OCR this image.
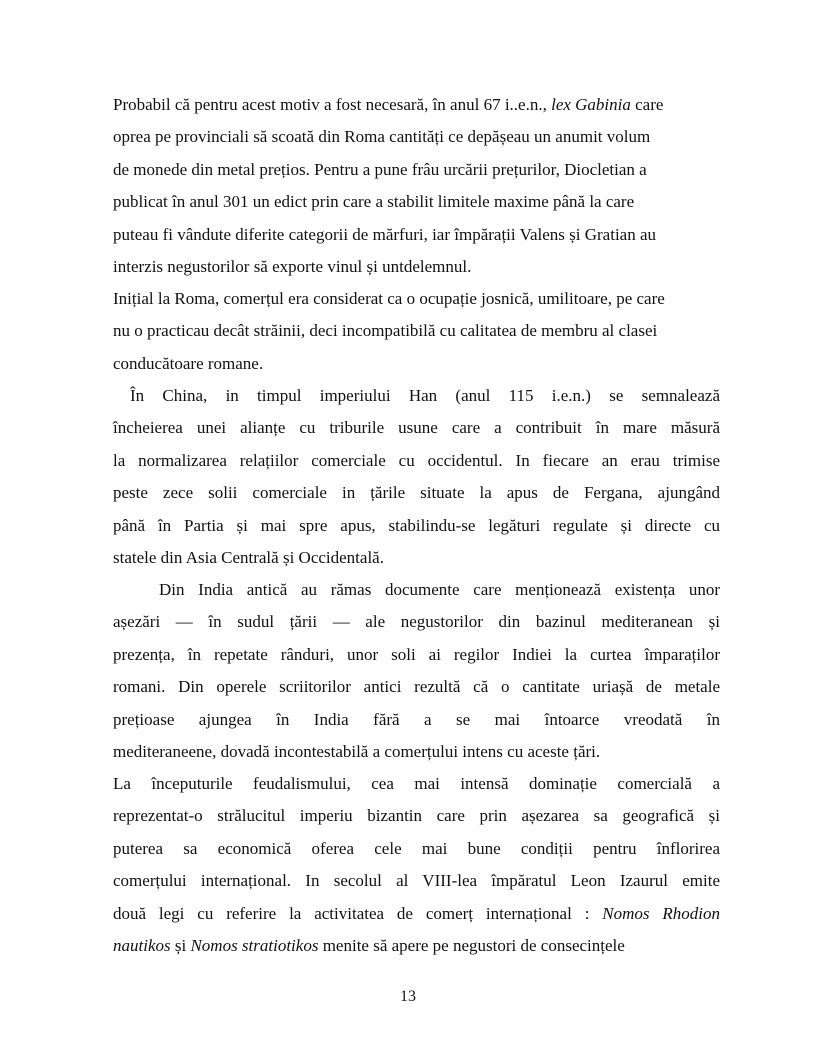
Probabil că pentru acest motiv a fost necesară, în anul 67 i..e.n., lex Gabinia care
oprea pe provinciali să scoată din Roma cantități ce depășeau un anumit volum
de monede din metal prețios. Pentru a pune frâu urcării prețurilor, Diocletian a
publicat în anul 301 un edict prin care a stabilit limitele maxime până la care
puteau fi vândute diferite categorii de mărfuri, iar împărații Valens și Gratian au
interzis negustorilor să exporte vinul și untdelemnul.
Inițial la Roma, comerțul era considerat ca o ocupație josnică, umilitoare, pe care
nu o practicau decât străinii, deci incompatibilă cu calitatea de membru al clasei
conducătoare romane.
În China, in timpul imperiului Han (anul 115 i.e.n.) se semnalează
încheierea unei alianțe cu triburile usune care a contribuit în mare măsură
la normalizarea relațiilor comerciale cu occidentul. In fiecare an erau trimise
peste zece solii comerciale in țările situate la apus de Fergana, ajungând
până în Partia și mai spre apus, stabilindu-se legături regulate și directe cu
statele din Asia Centrală și Occidentală.
Din India antică au rămas documente care menționează existența unor
așezări — în sudul țării — ale negustorilor din bazinul mediteranean și
prezența, în repetate rânduri, unor soli ai regilor Indiei la curtea împaraților
romani. Din operele scriitorilor antici rezultă că o cantitate uriașă de metale
prețioase ajungea în India fără a se mai întoarce vreodată în
mediteraneene, dovadă incontestabilă a comerțului intens cu aceste țări.
La începuturile feudalismului, cea mai intensă dominație comercială a
reprezentat-o strălucitul imperiu bizantin care prin așezarea sa geografică și
puterea sa economică oferea cele mai bune condiții pentru înflorirea
comerțului internațional. In secolul al VIII-lea împăratul Leon Izaurul emite
două legi cu referire la activitatea de comerț internațional : Nomos Rhodion
nautikos și Nomos stratiotikos menite să apere pe negustori de consecințele
13
